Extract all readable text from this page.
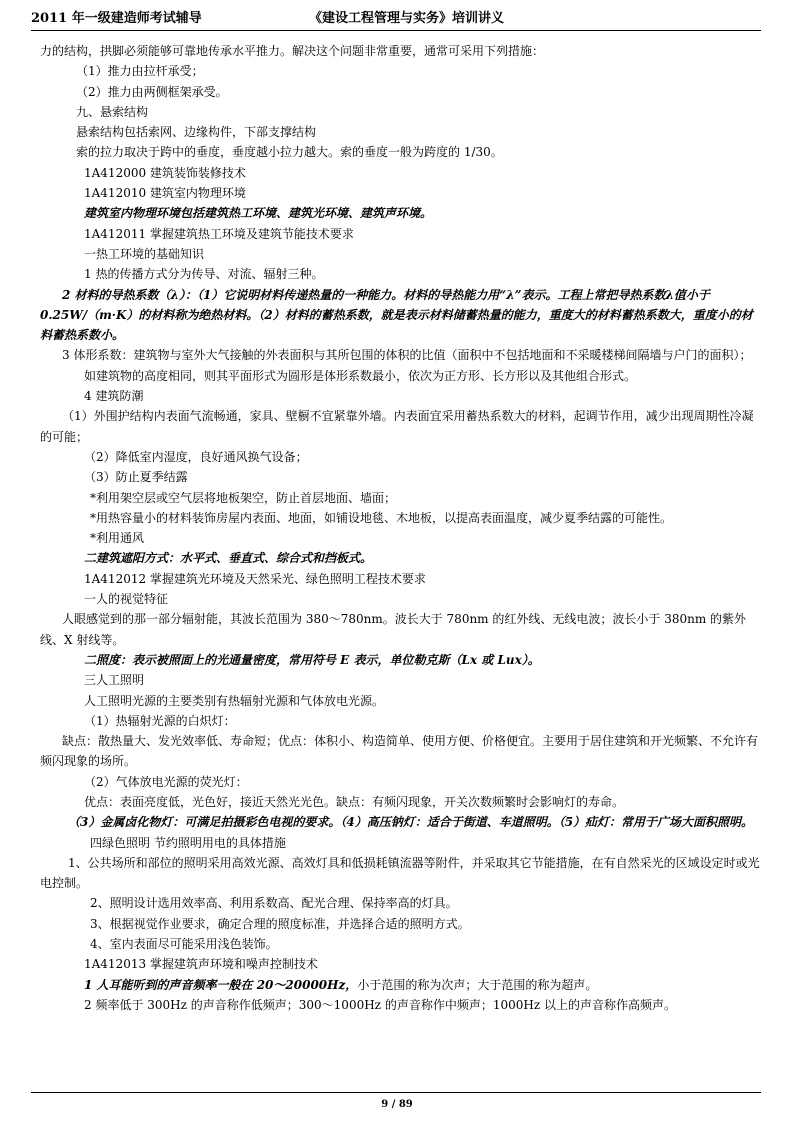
2011 年一级建造师考试辅导	《建设工程管理与实务》培训讲义

力的结构，拱脚必须能够可靠地传承水平推力。解决这个问题非常重要，通常可采用下列措施：

（1）推力由拉杆承受；

（2）推力由两侧框架承受。

九、悬索结构

悬索结构包括索网、边缘构件，下部支撑结构

索的拉力取决于跨中的垂度，垂度越小拉力越大。索的垂度一般为跨度的 1/30。

1A412000 建筑装饰装修技术

1A412010 建筑室内物理环境

建筑室内物理环境包括建筑热工环境、建筑光环境、建筑声环境。

1A412011 掌握建筑热工环境及建筑节能技术要求

一热工环境的基础知识

1 热的传播方式分为传导、对流、辐射三种。

2 材料的导热系数（λ）：（1）它说明材料传递热量的一种能力。材料的导热能力用“λ”表示。工程上常把导热系数λ值小于 0.25W/（m·K）的材料称为绝热材料。（2）材料的蓄热系数，就是表示材料储蓄热量的能力，重度大的材料蓄热系数大，重度小的材料蓄热系数小。

3 体形系数：建筑物与室外大气接触的外表面积与其所包围的体积的比值（面积中不包括地面和不采暖楼梯间隔墙与户门的面积）；

如建筑物的高度相同，则其平面形式为圆形是体形系数最小，依次为正方形、长方形以及其他组合形式。

4 建筑防潮

（1）外围护结构内表面气流畅通，家具、壁橱不宜紧靠外墙。内表面宜采用蓄热系数大的材料，起调节作用，减少出现周期性冷凝的可能；

（2）降低室内湿度，良好通风换气设备；

（3）防止夏季结露

*利用架空层或空气层将地板架空，防止首层地面、墙面；

*用热容量小的材料装饰房屋内表面、地面，如铺设地毯、木地板，以提高表面温度，减少夏季结露的可能性。

*利用通风

二建筑遮阳方式：水平式、垂直式、综合式和挡板式。

1A412012 掌握建筑光环境及天然采光、绿色照明工程技术要求

一人的视觉特征

人眼感觉到的那一部分辐射能，其波长范围为 380～780nm。波长大于 780nm 的红外线、无线电波；波长小于 380nm 的紫外线、X 射线等。

二照度：表示被照面上的光通量密度，常用符号 E 表示，单位勒克斯（Lx 或 Lux）。

三人工照明

人工照明光源的主要类别有热辐射光源和气体放电光源。

（1）热辐射光源的白炽灯：

缺点：散热量大、发光效率低、寿命短；优点：体积小、构造简单、使用方便、价格便宜。主要用于居住建筑和开光频繁、不允许有频闪现象的场所。

（2）气体放电光源的荧光灯：

优点：表面亮度低，光色好，接近天然光光色。缺点：有频闪现象，开关次数频繁时会影响灯的寿命。

（3）金属卤化物灯：可满足拍摄彩色电视的要求。（4）高压钠灯：适合于街道、车道照明。（5）疝灯：常用于广场大面积照明。

四绿色照明 节约照明用电的具体措施

1、公共场所和部位的照明采用高效光源、高效灯具和低损耗镇流器等附件，并采取其它节能措施，在有自然采光的区域设定时或光电控制。

2、照明设计选用效率高、利用系数高、配光合理、保持率高的灯具。

3、根据视觉作业要求，确定合理的照度标准，并选择合适的照明方式。

4、室内表面尽可能采用浅色装饰。

1A412013 掌握建筑声环境和噪声控制技术

1 人耳能听到的声音频率一般在 20～20000Hz，小于范围的称为次声；大于范围的称为超声。

2 频率低于 300Hz 的声音称作低频声；300～1000Hz 的声音称作中频声；1000Hz 以上的声音称作高频声。

9 / 89
